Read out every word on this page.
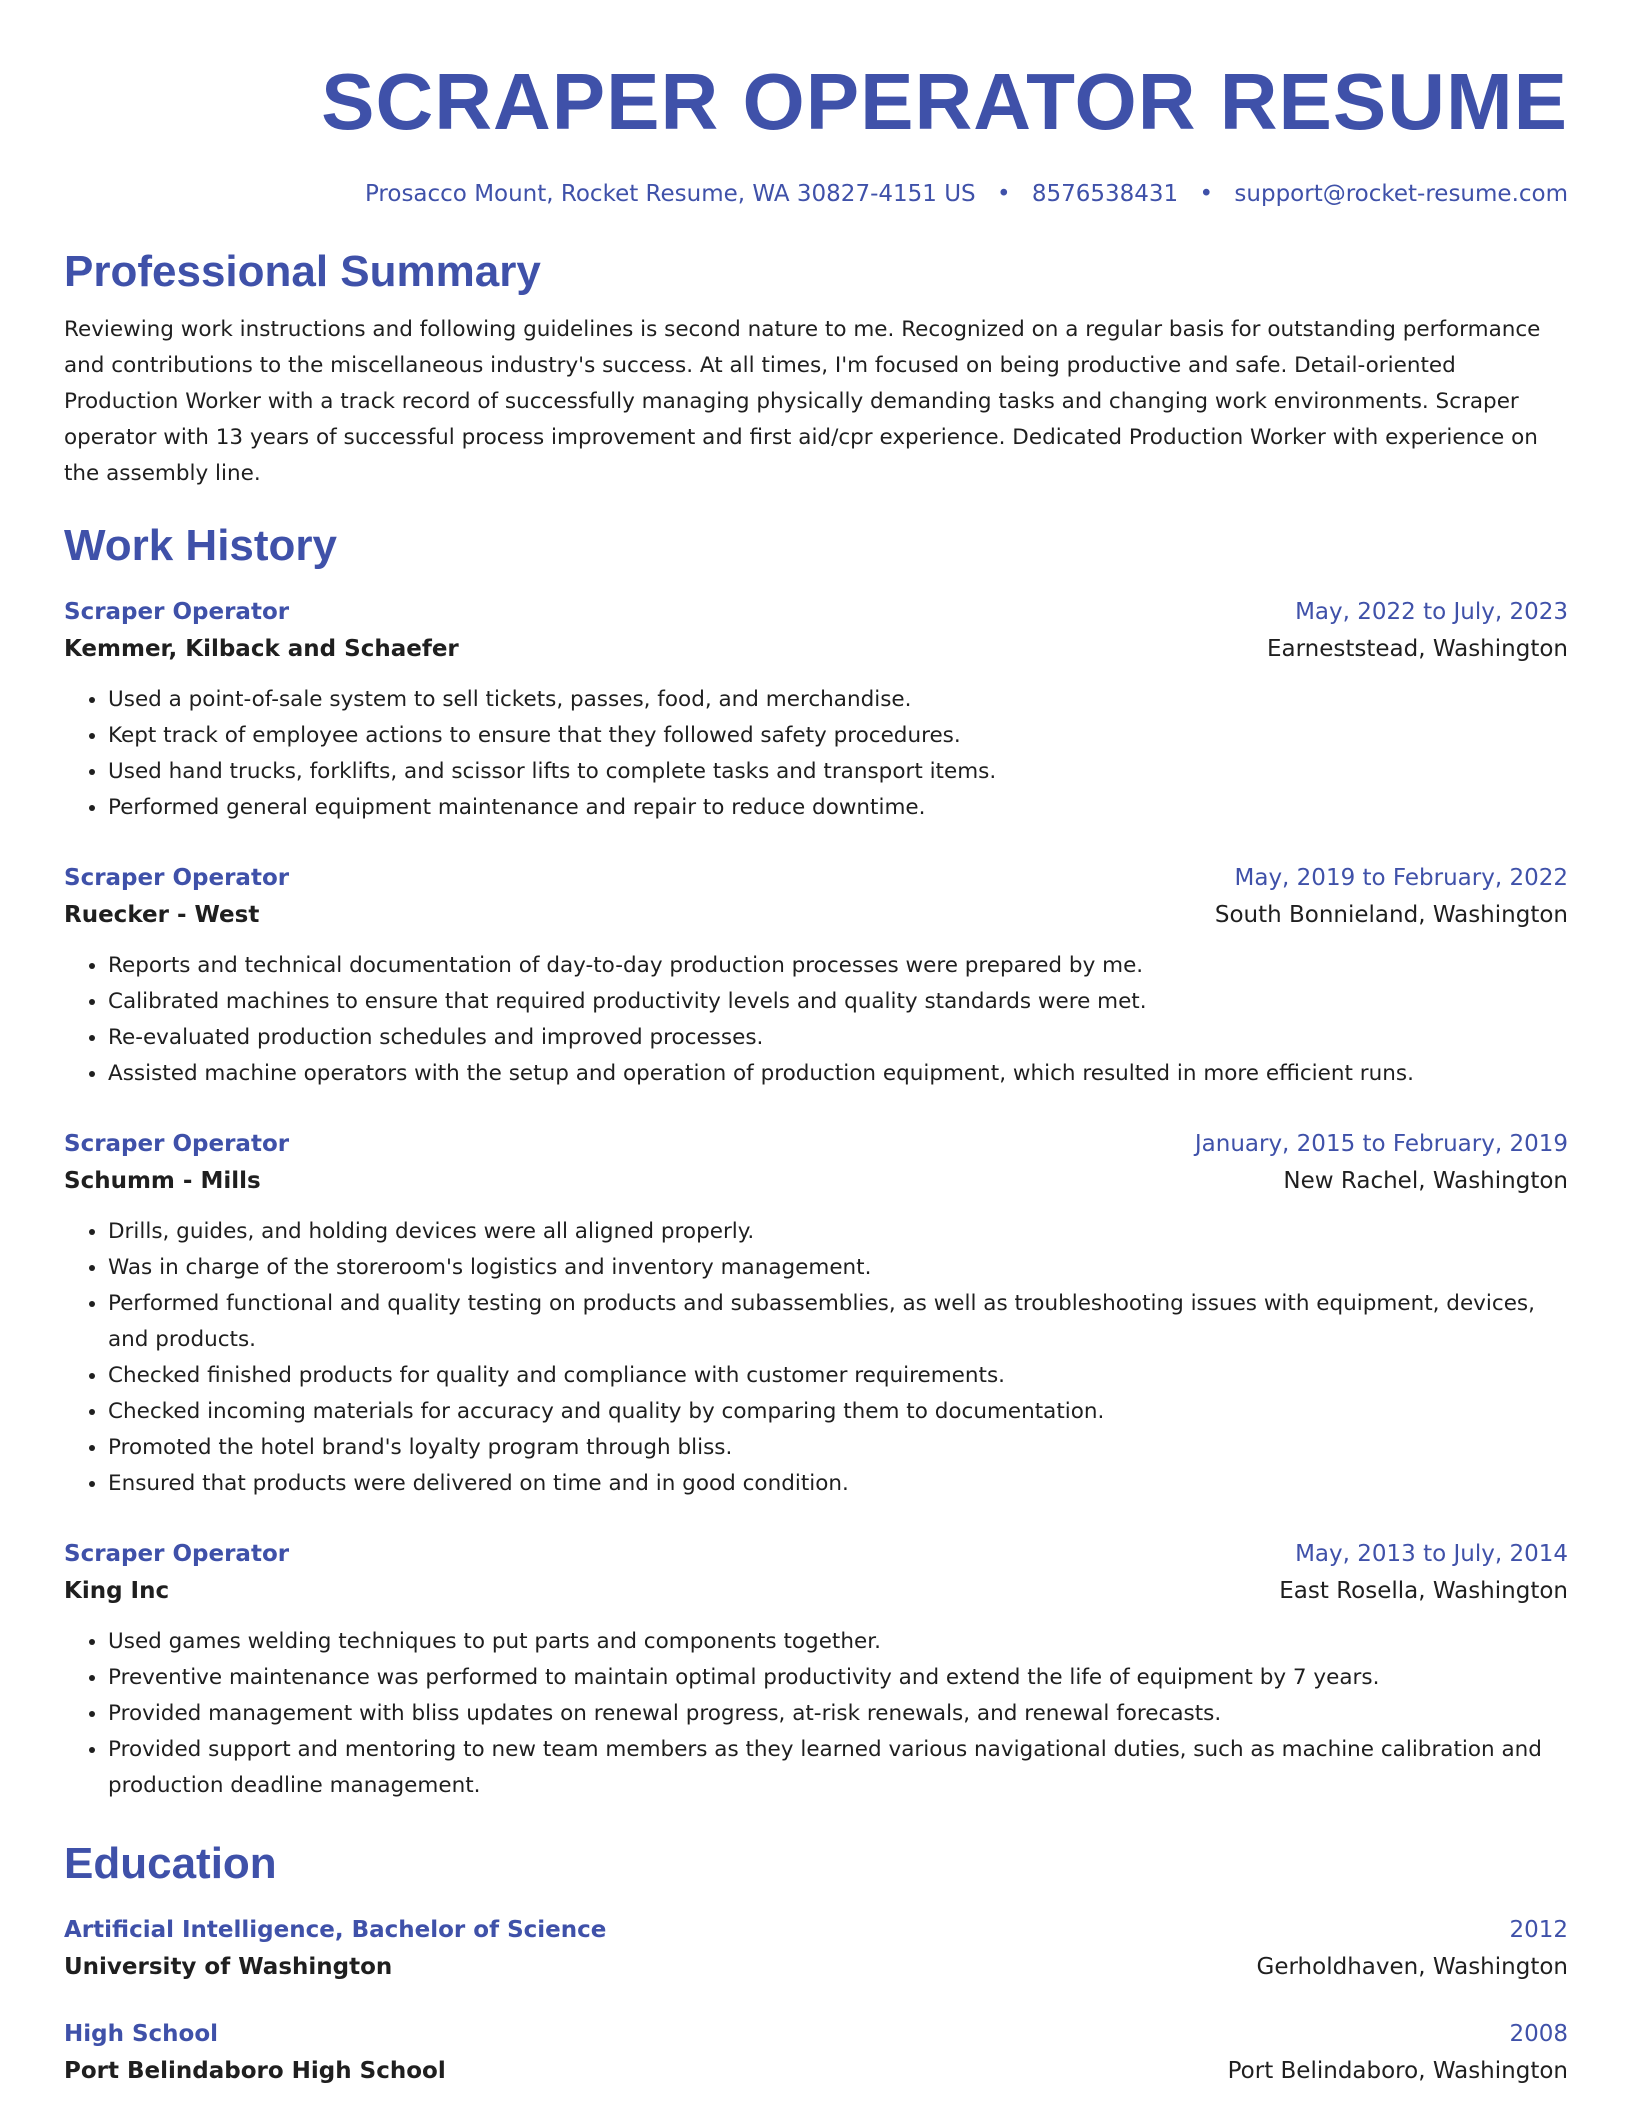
SCRAPER OPERATOR RESUME
Prosacco Mount, Rocket Resume, WA 30827-4151 US • 8576538431 • support@rocket-resume.com
Professional Summary

Reviewing work instructions and following guidelines is second nature to me. Recognized on a regular basis for outstanding performance and contributions to the miscellaneous industry's success. At all times, I'm focused on being productive and safe. Detail-oriented Production Worker with a track record of successfully managing physically demanding tasks and changing work environments. Scraper operator with 13 years of successful process improvement and first aid/cpr experience. Dedicated Production Worker with experience on the assembly line.

Work History
Scraper Operator	May, 2022 to July, 2023
Kemmer, Kilback and Schaefer	Earneststead, Washington
• Used a point-of-sale system to sell tickets, passes, food, and merchandise.
• Kept track of employee actions to ensure that they followed safety procedures.
• Used hand trucks, forklifts, and scissor lifts to complete tasks and transport items.
• Performed general equipment maintenance and repair to reduce downtime.
Scraper Operator	May, 2019 to February, 2022
Ruecker - West	South Bonnieland, Washington
• Reports and technical documentation of day-to-day production processes were prepared by me.
• Calibrated machines to ensure that required productivity levels and quality standards were met.
• Re-evaluated production schedules and improved processes.
• Assisted machine operators with the setup and operation of production equipment, which resulted in more efficient runs.
Scraper Operator	January, 2015 to February, 2019
Schumm - Mills	New Rachel, Washington
• Drills, guides, and holding devices were all aligned properly.
• Was in charge of the storeroom's logistics and inventory management.
• Performed functional and quality testing on products and subassemblies, as well as troubleshooting issues with equipment, devices, and products.
• Checked finished products for quality and compliance with customer requirements.
• Checked incoming materials for accuracy and quality by comparing them to documentation.
• Promoted the hotel brand's loyalty program through bliss.
• Ensured that products were delivered on time and in good condition.
Scraper Operator	May, 2013 to July, 2014
King Inc	East Rosella, Washington
• Used games welding techniques to put parts and components together.
• Preventive maintenance was performed to maintain optimal productivity and extend the life of equipment by 7 years.
• Provided management with bliss updates on renewal progress, at-risk renewals, and renewal forecasts.
• Provided support and mentoring to new team members as they learned various navigational duties, such as machine calibration and production deadline management.
Education
Artificial Intelligence, Bachelor of Science	2012
University of Washington	Gerholdhaven, Washington
High School	2008
Port Belindaboro High School	Port Belindaboro, Washington
